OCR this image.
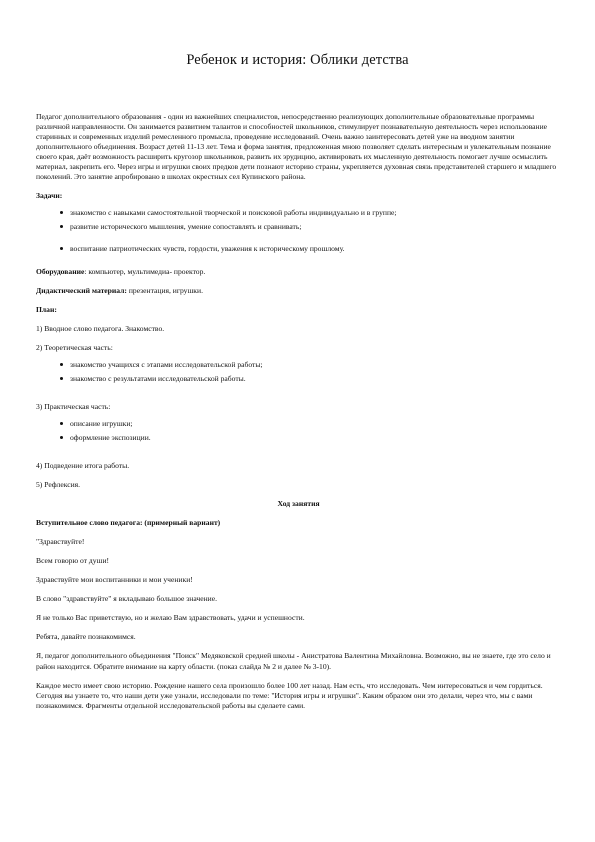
Ребенок и история: Облики детства

Педагог дополнительного образования - один из важнейших специалистов, непосредственно реализующих дополнительные образовательные программы различной направленности. Он занимается развитием талантов и способностей школьников, стимулирует познавательную деятельность через использование старинных и современных изделий ремесленного промысла, проведение исследований. Очень важно заинтересовать детей уже на вводном занятии дополнительного объединения. Возраст детей 11-13 лет. Тема и форма занятия, предложенная мною позволяет сделать интересным и увлекательным познание своего края, даёт возможность расширить кругозор школьников, развить их эрудицию, активировать их мысленную деятельность помогает лучше осмыслить материал, закрепить его. Через игры и игрушки своих предков дети познают историю страны, укрепляется духовная связь представителей старшего и младшего поколений. Это занятие апробировано в школах окрестных сел Купинского района.

Задачи:

знакомство с навыками самостоятельной творческой и поисковой работы индивидуально и в группе;
развитие исторического мышления, умение сопоставлять и сравнивать;
воспитание патриотических чувств, гордости, уважения к историческому прошлому.

Оборудование: компьютер, мультимедиа- проектор.

Дидактический материал: презентация, игрушки.

План:

1) Вводное слово педагога. Знакомство.

2) Теоретическая часть:

знакомство учащихся с этапами исследовательской работы;
знакомство с результатами исследовательской работы.

3) Практическая часть:

описание игрушки;
оформление экспозиции.

4) Подведение итога работы.

5) Рефлексия.

Ход занятия

Вступительное слово педагога: (примерный вариант)

"Здравствуйте!

Всем говорю от души!

Здравствуйте мои воспитанники и мои ученики!

В слово "здравствуйте" я вкладываю большое значение.

Я не только Вас приветствую, но и желаю Вам здравствовать, удачи и успешности.

Ребята, давайте познакомимся.

Я, педагог дополнительного объединения "Поиск" Медяковской средней школы - Анистратова Валентина Михайловна. Возможно, вы не знаете, где это село и район находится. Обратите внимание на карту области. (показ слайда № 2 и далее № 3-10).

Каждое место имеет свою историю. Рождение нашего села произошло более 100 лет назад. Нам есть, что исследовать. Чем интересоваться и чем гордиться. Сегодня вы узнаете то, что наши дети уже узнали, исследовали по теме: "История игры и игрушки". Каким образом они это делали, через что, мы с вами познакомимся. Фрагменты отдельной исследовательской работы вы сделаете сами.
